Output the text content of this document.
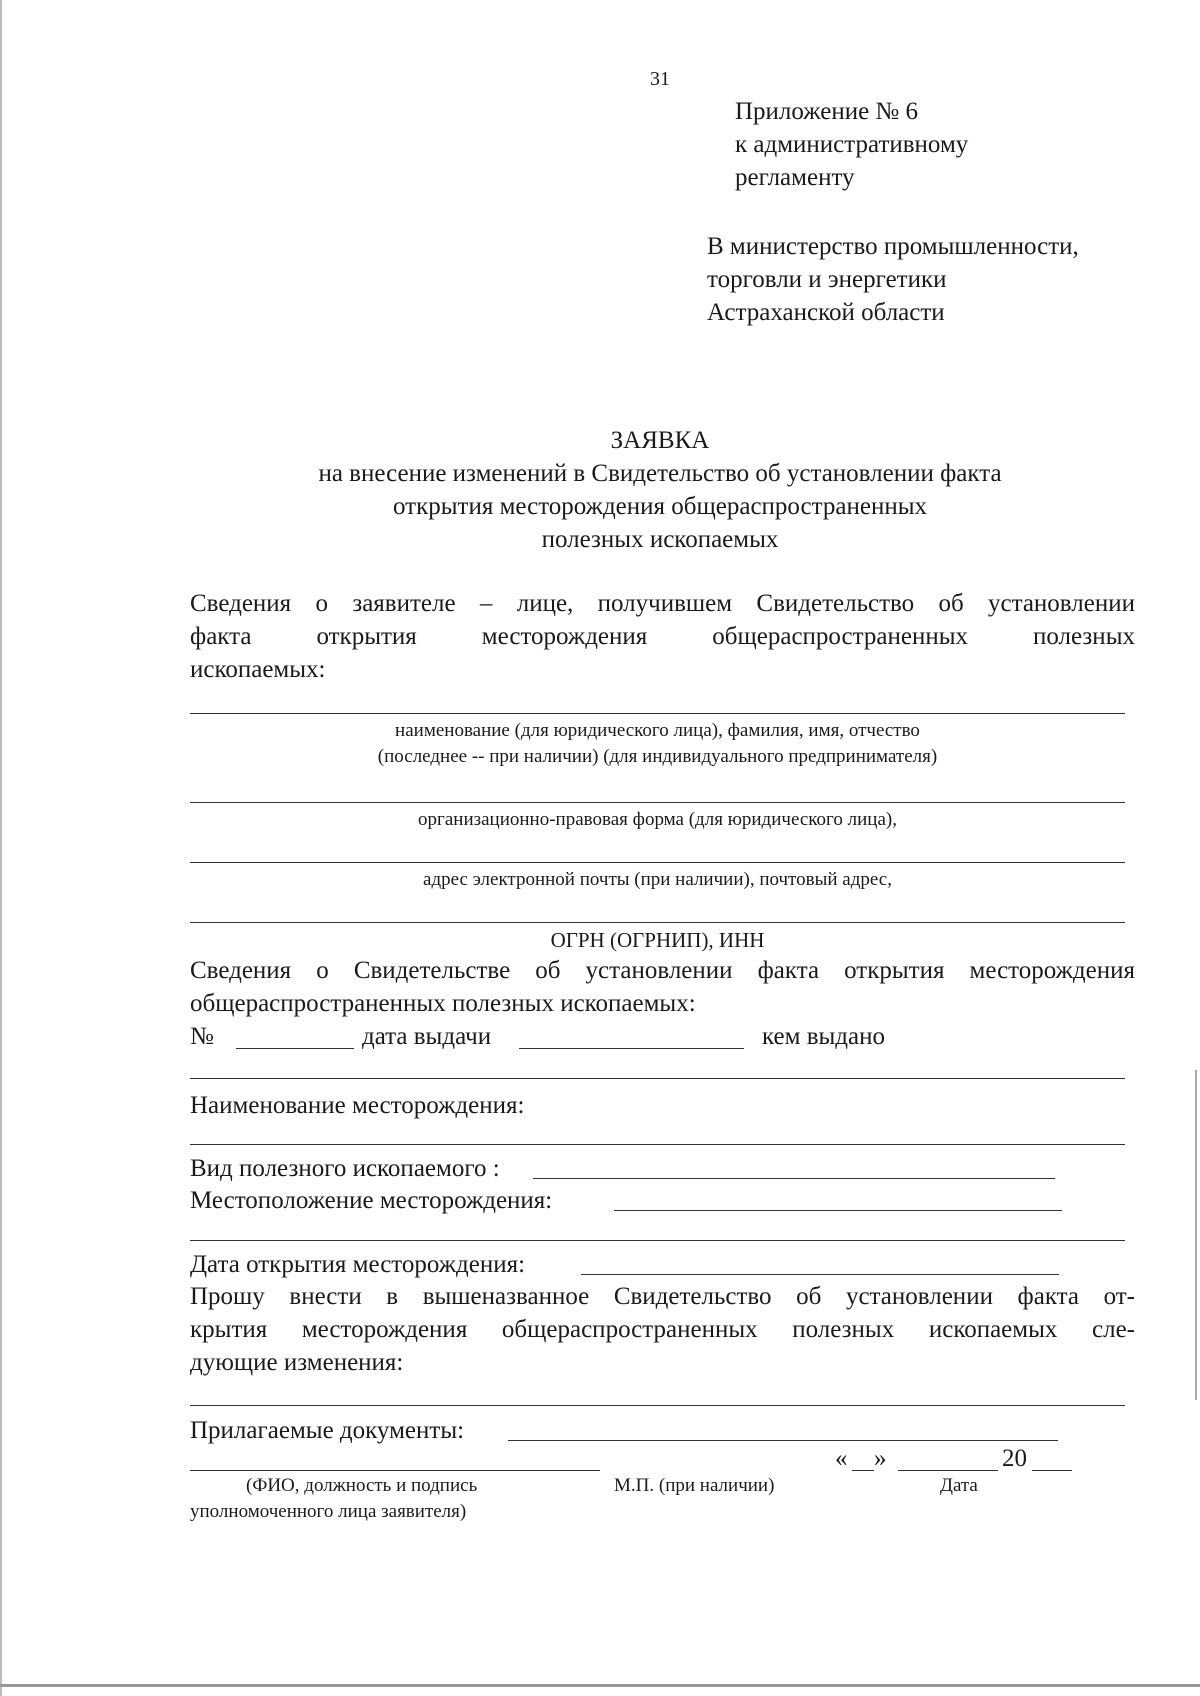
31
Приложение № 6
к административному
регламенту
В министерство промышленности,
торговли и энергетики
Астраханской области
ЗАЯВКА
на внесение изменений в Свидетельство об установлении факта
открытия месторождения общераспространенных
полезных ископаемых
Сведения о заявителе – лице, получившем Свидетельство об установлении
факта открытия месторождения общераспространенных полезных
ископаемых:
наименование (для юридического лица), фамилия, имя, отчество
(последнее -- при наличии) (для индивидуального предпринимателя)
организационно-правовая форма (для юридического лица),
адрес электронной почты (при наличии), почтовый адрес,
ОГРН (ОГРНИП), ИНН
Сведения о Свидетельстве об установлении факта открытия месторождения
общераспространенных полезных ископаемых:
№	дата выдачи	кем выдано
Наименование месторождения:
Вид полезного ископаемого :
Местоположение месторождения:
Дата открытия месторождения:
Прошу внести в вышеназванное Свидетельство об установлении факта от-
крытия месторождения общераспространенных полезных ископаемых сле-
дующие изменения:
Прилагаемые документы:
« »	20
(ФИО, должность и подпись
уполномоченного лица заявителя)
М.П. (при наличии)	Дата
